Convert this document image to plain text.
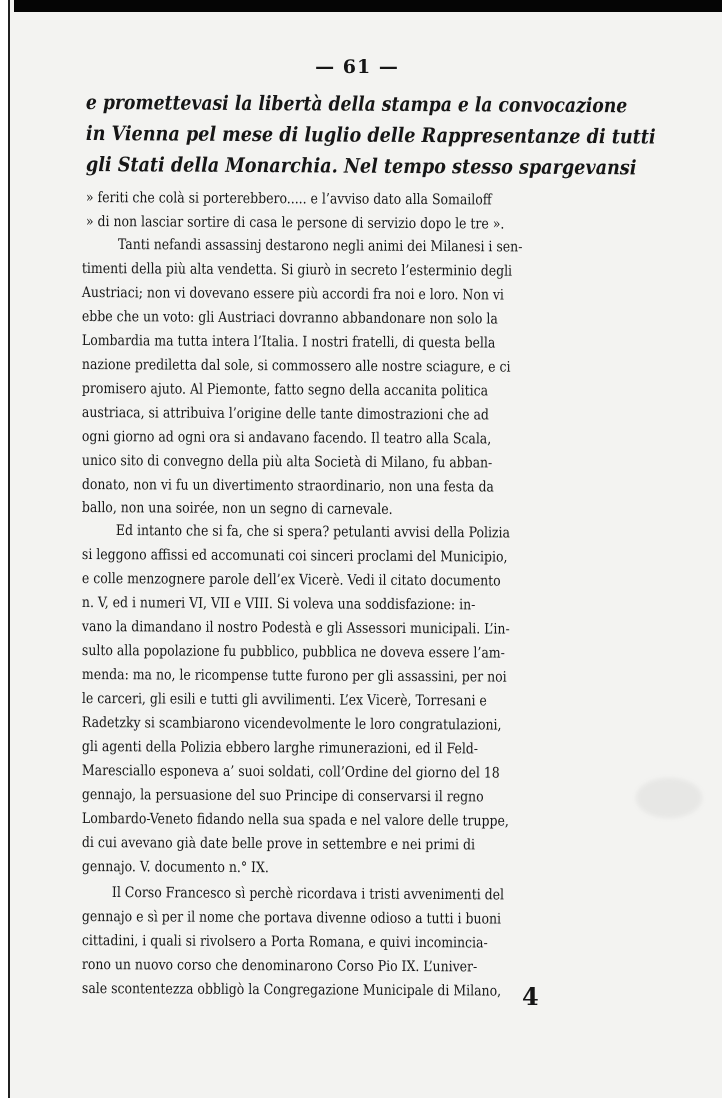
— 61 —
e promettevasi la libertà della stampa e la convocazione
in Vienna pel mese di luglio delle Rappresentanze di tutti
gli Stati della Monarchia. Nel tempo stesso spargevansi
» feriti che colà si porterebbero..... e l’avviso dato alla Somailoff
» di non lasciar sortire di casa le persone di servizio dopo le tre ».
Tanti nefandi assassinj destarono negli animi dei Milanesi i sen-
timenti della più alta vendetta. Si giurò in secreto l’esterminio degli
Austriaci; non vi dovevano essere più accordi fra noi e loro. Non vi
ebbe che un voto: gli Austriaci dovranno abbandonare non solo la
Lombardia ma tutta intera l’Italia. I nostri fratelli, di questa bella
nazione prediletta dal sole, si commossero alle nostre sciagure, e ci
promisero ajuto. Al Piemonte, fatto segno della accanita politica
austriaca, si attribuiva l’origine delle tante dimostrazioni che ad
ogni giorno ad ogni ora si andavano facendo. Il teatro alla Scala,
unico sito di convegno della più alta Società di Milano, fu abban-
donato, non vi fu un divertimento straordinario, non una festa da
ballo, non una soirée, non un segno di carnevale.
Ed intanto che si fa, che si spera? petulanti avvisi della Polizia
si leggono affissi ed accomunati coi sinceri proclami del Municipio,
e colle menzognere parole dell’ex Vicerè. Vedi il citato documento
n. V, ed i numeri VI, VII e VIII. Si voleva una soddisfazione: in-
vano la dimandano il nostro Podestà e gli Assessori municipali. L’in-
sulto alla popolazione fu pubblico, pubblica ne doveva essere l’am-
menda: ma no, le ricompense tutte furono per gli assassini, per noi
le carceri, gli esili e tutti gli avvilimenti. L’ex Vicerè, Torresani e
Radetzky si scambiarono vicendevolmente le loro congratulazioni,
gli agenti della Polizia ebbero larghe rimunerazioni, ed il Feld-
Maresciallo esponeva a’ suoi soldati, coll’Ordine del giorno del 18
gennajo, la persuasione del suo Principe di conservarsi il regno
Lombardo-Veneto fidando nella sua spada e nel valore delle truppe,
di cui avevano già date belle prove in settembre e nei primi di
gennajo. V. documento n.° IX.
Il Corso Francesco sì perchè ricordava i tristi avvenimenti del
gennajo e sì per il nome che portava divenne odioso a tutti i buoni
cittadini, i quali si rivolsero a Porta Romana, e quivi incomincia-
rono un nuovo corso che denominarono Corso Pio IX. L’univer-
sale scontentezza obbligò la Congregazione Municipale di Milano, 4
